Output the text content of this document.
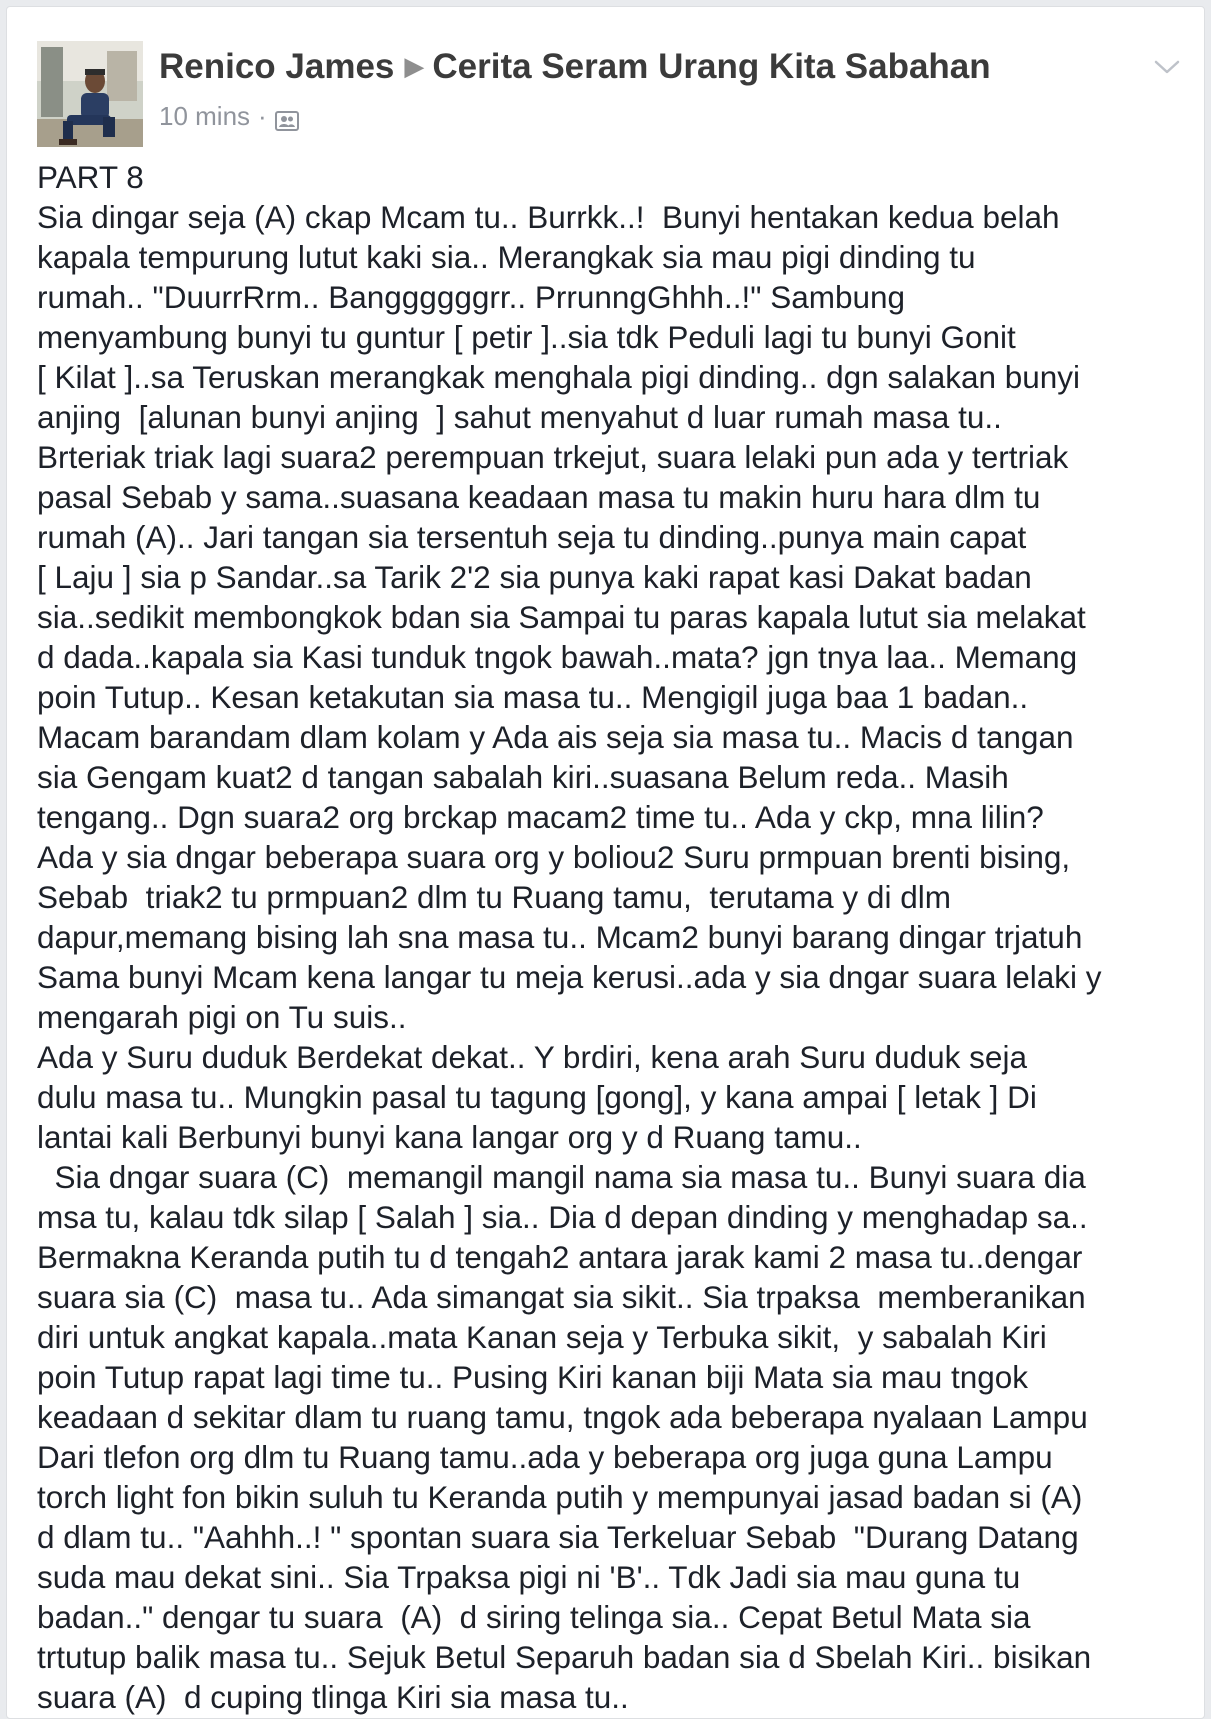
Renico James ▶ Cerita Seram Urang Kita Sabahan
10 mins ·
PART 8
Sia dingar seja (A) ckap Mcam tu.. Burrkk..!  Bunyi hentakan kedua belah
kapala tempurung lutut kaki sia.. Merangkak sia mau pigi dinding tu
rumah.. "DuurrRrm.. Banggggggrr.. PrrunngGhhh..!" Sambung
menyambung bunyi tu guntur [ petir ]..sia tdk Peduli lagi tu bunyi Gonit
[ Kilat ]..sa Teruskan merangkak menghala pigi dinding.. dgn salakan bunyi
anjing  [alunan bunyi anjing  ] sahut menyahut d luar rumah masa tu..
Brteriak triak lagi suara2 perempuan trkejut, suara lelaki pun ada y tertriak
pasal Sebab y sama..suasana keadaan masa tu makin huru hara dlm tu
rumah (A).. Jari tangan sia tersentuh seja tu dinding..punya main capat
[ Laju ] sia p Sandar..sa Tarik 2'2 sia punya kaki rapat kasi Dakat badan
sia..sedikit membongkok bdan sia Sampai tu paras kapala lutut sia melakat
d dada..kapala sia Kasi tunduk tngok bawah..mata? jgn tnya laa.. Memang
poin Tutup.. Kesan ketakutan sia masa tu.. Mengigil juga baa 1 badan..
Macam barandam dlam kolam y Ada ais seja sia masa tu.. Macis d tangan
sia Gengam kuat2 d tangan sabalah kiri..suasana Belum reda.. Masih
tengang.. Dgn suara2 org brckap macam2 time tu.. Ada y ckp, mna lilin?
Ada y sia dngar beberapa suara org y boliou2 Suru prmpuan brenti bising,
Sebab  triak2 tu prmpuan2 dlm tu Ruang tamu,  terutama y di dlm
dapur,memang bising lah sna masa tu.. Mcam2 bunyi barang dingar trjatuh
Sama bunyi Mcam kena langar tu meja kerusi..ada y sia dngar suara lelaki y
mengarah pigi on Tu suis..
Ada y Suru duduk Berdekat dekat.. Y brdiri, kena arah Suru duduk seja
dulu masa tu.. Mungkin pasal tu tagung [gong], y kana ampai [ letak ] Di
lantai kali Berbunyi bunyi kana langar org y d Ruang tamu..
Sia dngar suara (C)  memangil mangil nama sia masa tu.. Bunyi suara dia
msa tu, kalau tdk silap [ Salah ] sia.. Dia d depan dinding y menghadap sa..
Bermakna Keranda putih tu d tengah2 antara jarak kami 2 masa tu..dengar
suara sia (C)  masa tu.. Ada simangat sia sikit.. Sia trpaksa  memberanikan
diri untuk angkat kapala..mata Kanan seja y Terbuka sikit,  y sabalah Kiri
poin Tutup rapat lagi time tu.. Pusing Kiri kanan biji Mata sia mau tngok
keadaan d sekitar dlam tu ruang tamu, tngok ada beberapa nyalaan Lampu
Dari tlefon org dlm tu Ruang tamu..ada y beberapa org juga guna Lampu
torch light fon bikin suluh tu Keranda putih y mempunyai jasad badan si (A)
d dlam tu.. "Aahhh..! " spontan suara sia Terkeluar Sebab  "Durang Datang
suda mau dekat sini.. Sia Trpaksa pigi ni 'B'.. Tdk Jadi sia mau guna tu
badan.." dengar tu suara  (A)  d siring telinga sia.. Cepat Betul Mata sia
trtutup balik masa tu.. Sejuk Betul Separuh badan sia d Sbelah Kiri.. bisikan
suara (A)  d cuping tlinga Kiri sia masa tu..
